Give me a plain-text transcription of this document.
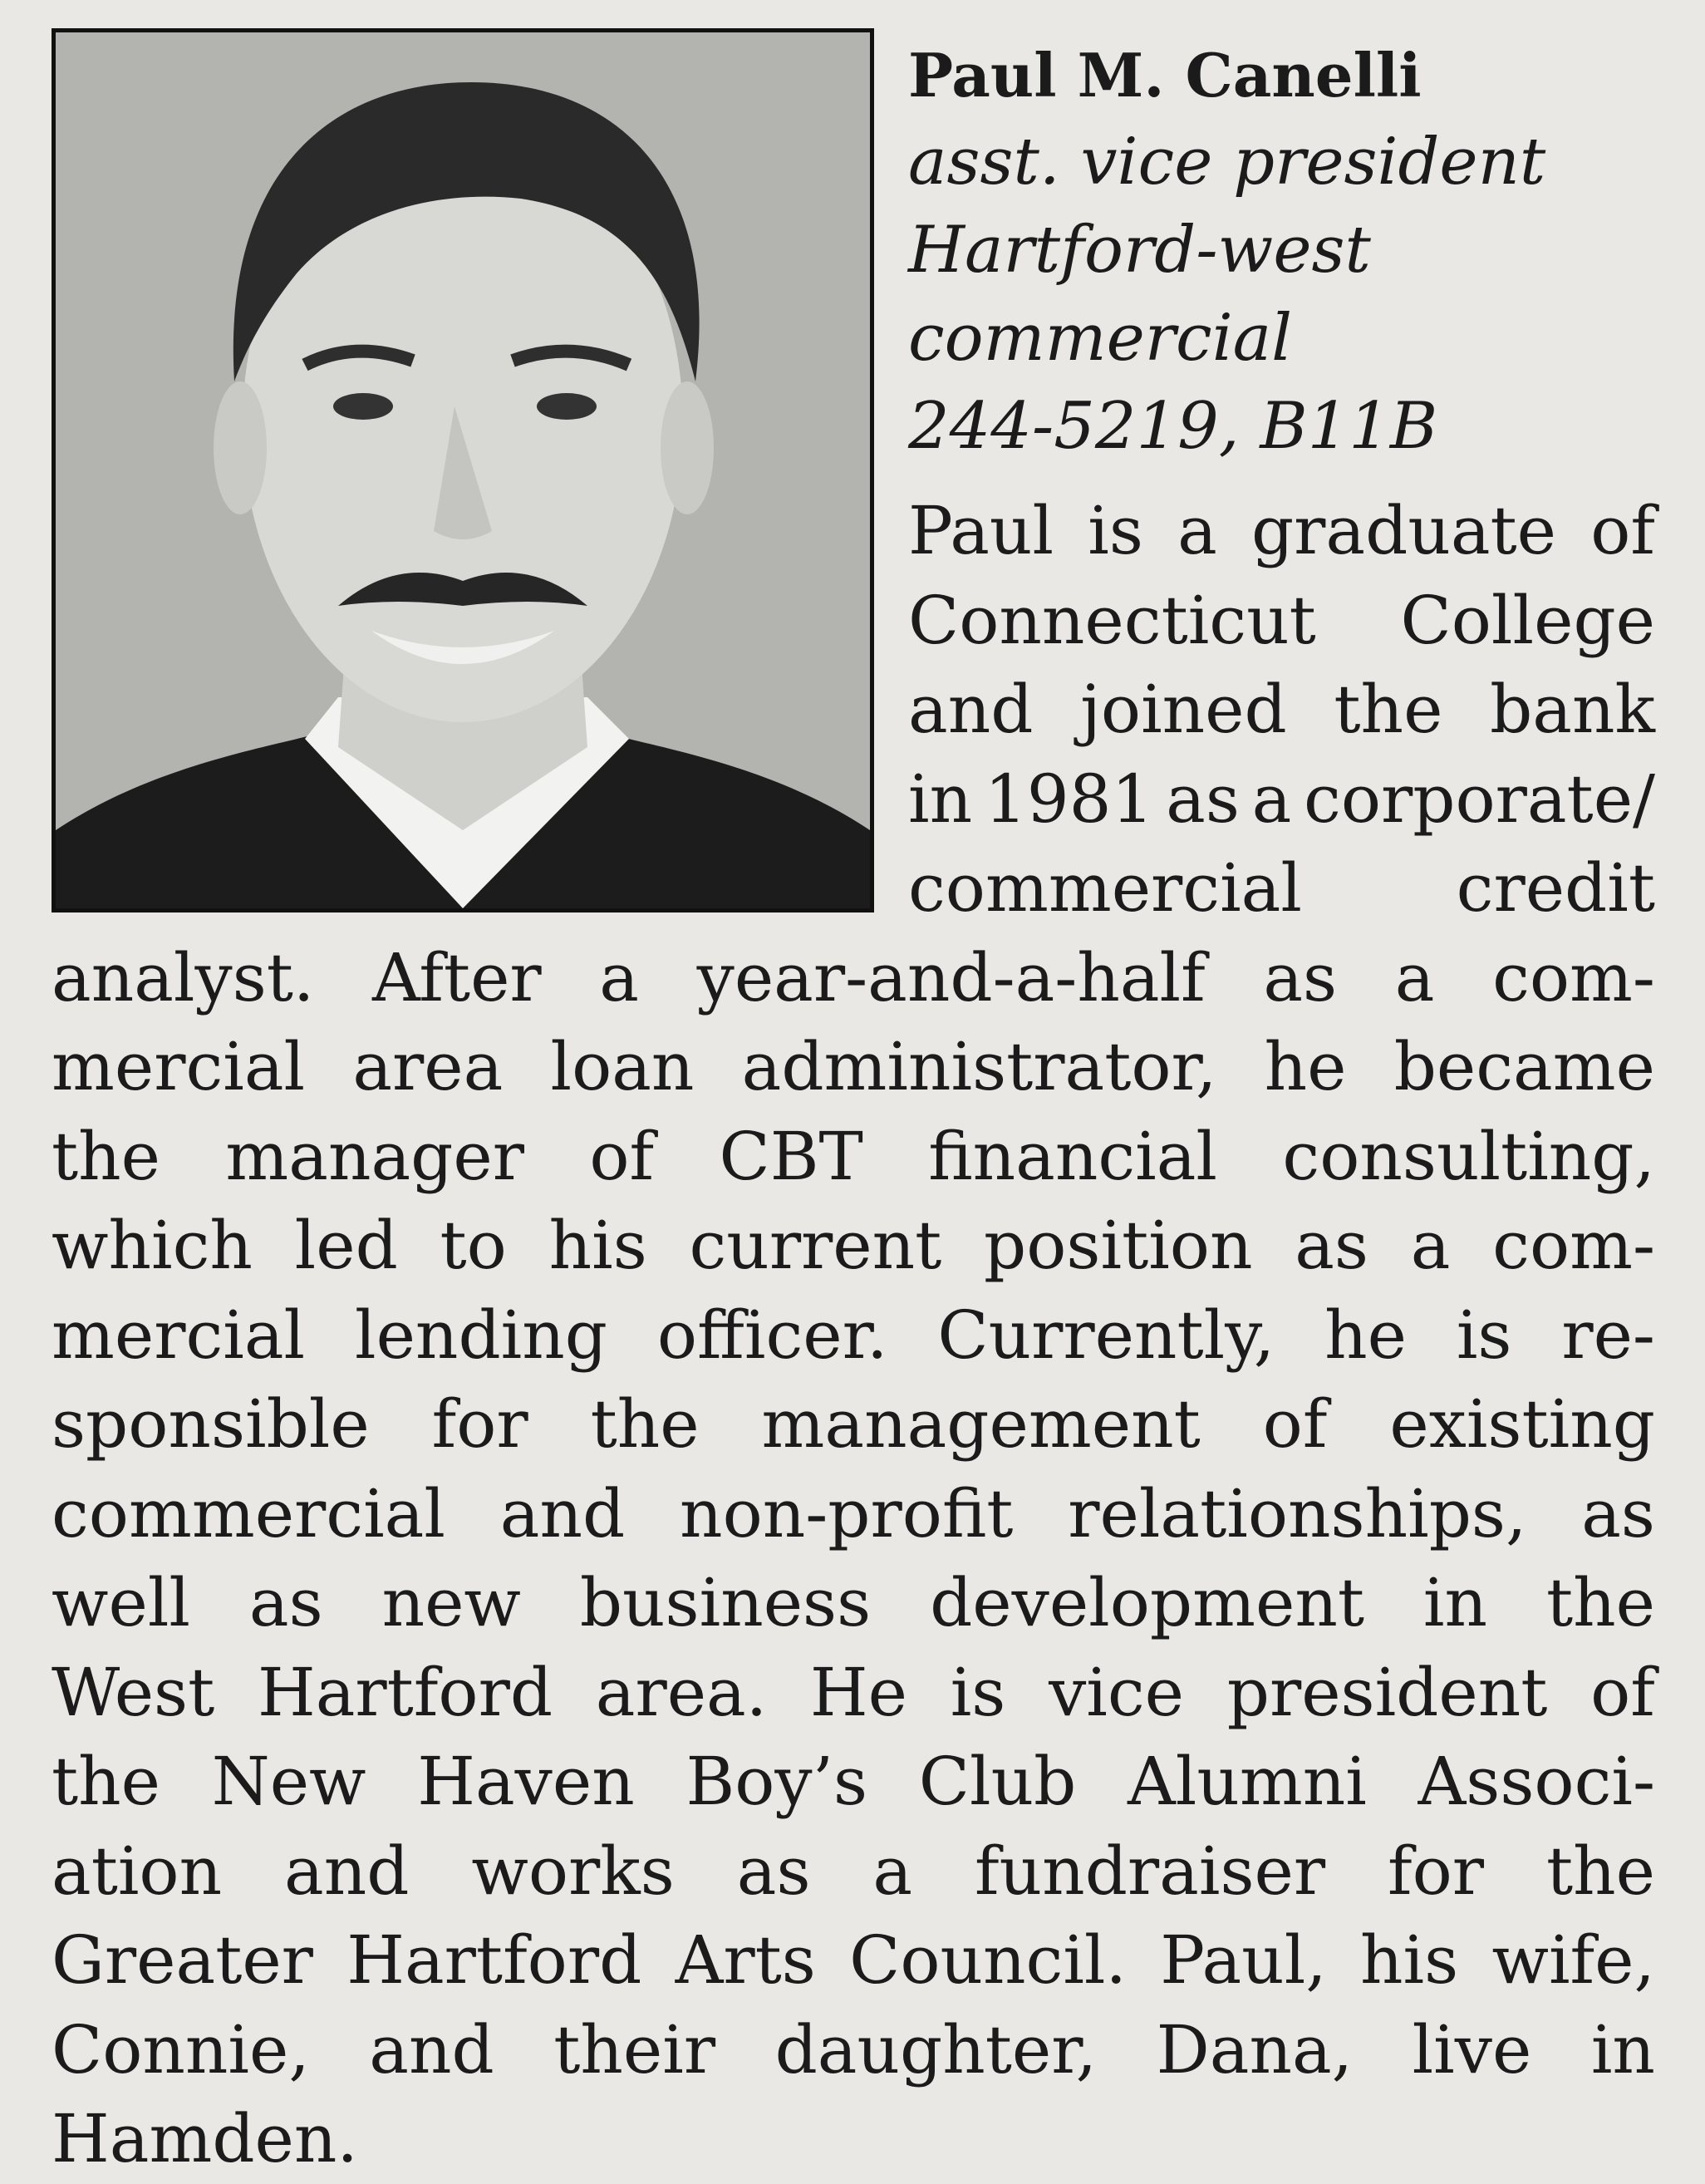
Paul M. Canelli
asst. vice president
Hartford-west
commercial
244-5219, B11B
Paul is a graduate of
Connecticut College
and joined the bank
in 1981 as a corporate/
commercial credit
analyst. After a year-and-a-half as a com-
mercial area loan administrator, he became
the manager of CBT financial consulting,
which led to his current position as a com-
mercial lending officer. Currently, he is re-
sponsible for the management of existing
commercial and non-profit relationships, as
well as new business development in the
West Hartford area. He is vice president of
the New Haven Boy’s Club Alumni Associ-
ation and works as a fundraiser for the
Greater Hartford Arts Council. Paul, his wife,
Connie, and their daughter, Dana, live in
Hamden.
